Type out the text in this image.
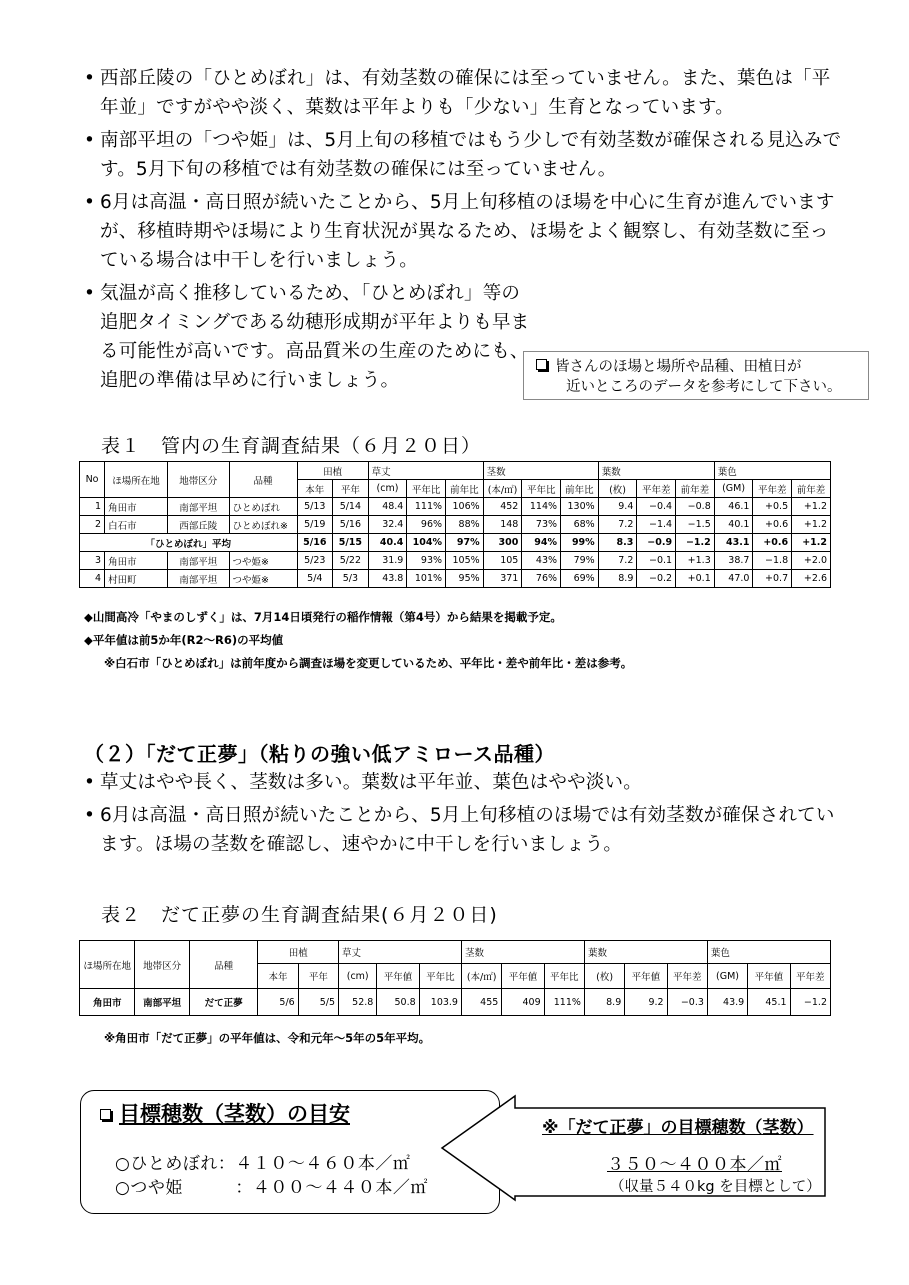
• 西部丘陵の「ひとめぼれ」は、有効茎数の確保には至っていません。また、葉色は「平年並」ですがやや淡く、葉数は平年よりも「少ない」生育となっています。
• 南部平坦の「つや姫」は、5月上旬の移植ではもう少しで有効茎数が確保される見込みです。5月下旬の移植では有効茎数の確保には至っていません。
• 6月は高温・高日照が続いたことから、5月上旬移植のほ場を中心に生育が進んでいますが、移植時期やほ場により生育状況が異なるため、ほ場をよく観察し、有効茎数に至っている場合は中干しを行いましょう。
• 気温が高く推移しているため、「ひとめぼれ」等の追肥タイミングである幼穂形成期が平年よりも早まる可能性が高いです。高品質米の生産のためにも、追肥の準備は早めに行いましょう。
皆さんのほ場と場所や品種、田植日が
近いところのデータを参考にして下さい。
表１　管内の生育調査結果（６月２０日）
No	ほ場所在地	地帯区分	品種	田植		草丈			茎数			葉数			葉色		
				本年	平年	(cm)	平年比	前年比	(本/㎡)	平年比	前年比	(枚)	平年差	前年差	(GM)	平年差	前年差
1	角田市	南部平坦	ひとめぼれ	5/13	5/14	48.4	111%	106%	452	114%	130%	9.4	−0.4	−0.8	46.1	+0.5	+1.2
2	白石市	西部丘陵	ひとめぼれ※	5/19	5/16	32.4	96%	88%	148	73%	68%	7.2	−1.4	−1.5	40.1	+0.6	+1.2
「ひとめぼれ」平均				5/16	5/15	40.4	104%	97%	300	94%	99%	8.3	−0.9	−1.2	43.1	+0.6	+1.2
3	角田市	南部平坦	つや姫※	5/23	5/22	31.9	93%	105%	105	43%	79%	7.2	−0.1	+1.3	38.7	−1.8	+2.0
4	村田町	南部平坦	つや姫※	5/4	5/3	43.8	101%	95%	371	76%	69%	8.9	−0.2	+0.1	47.0	+0.7	+2.6
◆山間高冷「やまのしずく」は、7月14日頃発行の稲作情報（第4号）から結果を掲載予定。
◆平年値は前5か年(R2～R6)の平均値
※白石市「ひとめぼれ」は前年度から調査ほ場を変更しているため、平年比・差や前年比・差は参考。
（２）「だて正夢」（粘りの強い低アミロース品種）
• 草丈はやや長く、茎数は多い。葉数は平年並、葉色はやや淡い。
• 6月は高温・高日照が続いたことから、5月上旬移植のほ場では有効茎数が確保されています。ほ場の茎数を確認し、速やかに中干しを行いましょう。
表２　だて正夢の生育調査結果(６月２０日)
ほ場所在地	地帯区分	品種	田植		草丈			茎数			葉数			葉色		
			本年	平年	(cm)	平年値	平年比	(本/㎡)	平年値	平年比	(枚)	平年値	平年差	(GM)	平年値	平年差
角田市	南部平坦	だて正夢	5/6	5/5	52.8	50.8	103.9	455	409	111%	8.9	9.2	−0.3	43.9	45.1	−1.2
※角田市「だて正夢」の平年値は、令和元年～5年の5年平均。
目標穂数（茎数）の目安
○ひとめぼれ：４１０～４６０本／㎡
○つや姫　　　：４００～４４０本／㎡
※「だて正夢」の目標穂数（茎数）
３５０～４００本／㎡
（収量５４０kg を目標として）
